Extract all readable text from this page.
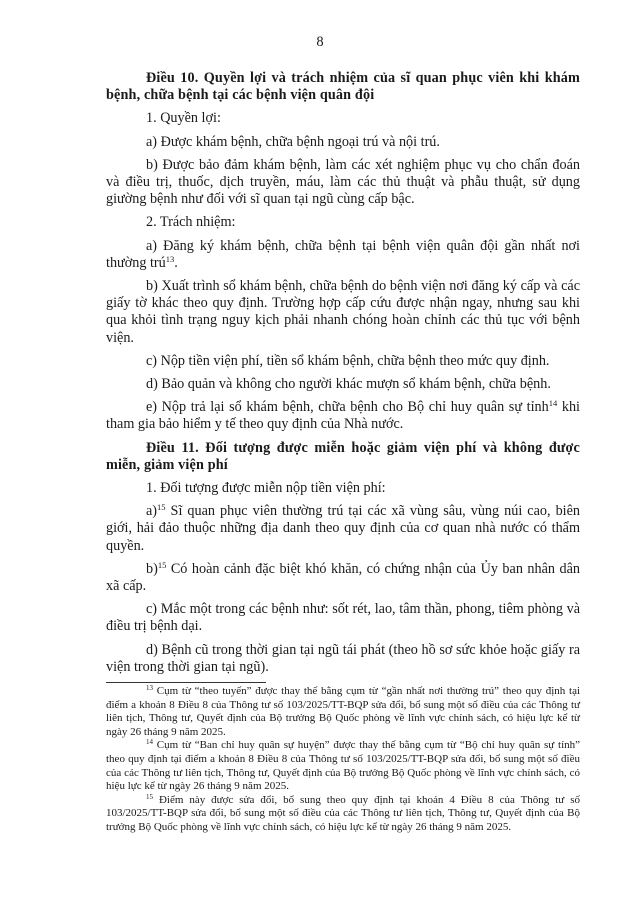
8

Điều 10. Quyền lợi và trách nhiệm của sĩ quan phục viên khi khám bệnh, chữa bệnh tại các bệnh viện quân đội

1. Quyền lợi:

a) Được khám bệnh, chữa bệnh ngoại trú và nội trú.

b) Được bảo đảm khám bệnh, làm các xét nghiệm phục vụ cho chẩn đoán và điều trị, thuốc, dịch truyền, máu, làm các thủ thuật và phẫu thuật, sử dụng giường bệnh như đối với sĩ quan tại ngũ cùng cấp bậc.

2. Trách nhiệm:

a) Đăng ký khám bệnh, chữa bệnh tại bệnh viện quân đội gần nhất nơi thường trú$^{13}$.

b) Xuất trình sổ khám bệnh, chữa bệnh do bệnh viện nơi đăng ký cấp và các giấy tờ khác theo quy định. Trường hợp cấp cứu được nhận ngay, nhưng sau khi qua khỏi tình trạng nguy kịch phải nhanh chóng hoàn chỉnh các thủ tục với bệnh viện.

c) Nộp tiền viện phí, tiền sổ khám bệnh, chữa bệnh theo mức quy định.

d) Bảo quản và không cho người khác mượn sổ khám bệnh, chữa bệnh.

e) Nộp trả lại sổ khám bệnh, chữa bệnh cho Bộ chỉ huy quân sự tỉnh$^{14}$ khi tham gia bảo hiểm y tế theo quy định của Nhà nước.

Điều 11. Đối tượng được miễn hoặc giảm viện phí và không được miễn, giảm viện phí

1. Đối tượng được miễn nộp tiền viện phí:

a)$^{15}$ Sĩ quan phục viên thường trú tại các xã vùng sâu, vùng núi cao, biên giới, hải đảo thuộc những địa danh theo quy định của cơ quan nhà nước có thẩm quyền.

b)$^{15}$ Có hoàn cảnh đặc biệt khó khăn, có chứng nhận của Ủy ban nhân dân xã cấp.

c) Mắc một trong các bệnh như: sốt rét, lao, tâm thần, phong, tiêm phòng và điều trị bệnh dại.

d) Bệnh cũ trong thời gian tại ngũ tái phát (theo hồ sơ sức khỏe hoặc giấy ra viện trong thời gian tại ngũ).

$^{13}$ Cụm từ “theo tuyến” được thay thế bằng cụm từ “gần nhất nơi thường trú” theo quy định tại điểm a khoản 8 Điều 8 của Thông tư số 103/2025/TT-BQP sửa đổi, bổ sung một số điều của các Thông tư liên tịch, Thông tư, Quyết định của Bộ trưởng Bộ Quốc phòng về lĩnh vực chính sách, có hiệu lực kể từ ngày 26 tháng 9 năm 2025.

$^{14}$ Cụm từ “Ban chỉ huy quân sự huyện” được thay thế bằng cụm từ “Bộ chỉ huy quân sự tỉnh” theo quy định tại điểm a khoản 8 Điều 8 của Thông tư số 103/2025/TT-BQP sửa đổi, bổ sung một số điều của các Thông tư liên tịch, Thông tư, Quyết định của Bộ trưởng Bộ Quốc phòng về lĩnh vực chính sách, có hiệu lực kể từ ngày 26 tháng 9 năm 2025.

$^{15}$ Điểm này được sửa đổi, bổ sung theo quy định tại khoản 4 Điều 8 của Thông tư số 103/2025/TT-BQP sửa đổi, bổ sung một số điều của các Thông tư liên tịch, Thông tư, Quyết định của Bộ trưởng Bộ Quốc phòng về lĩnh vực chính sách, có hiệu lực kể từ ngày 26 tháng 9 năm 2025.
